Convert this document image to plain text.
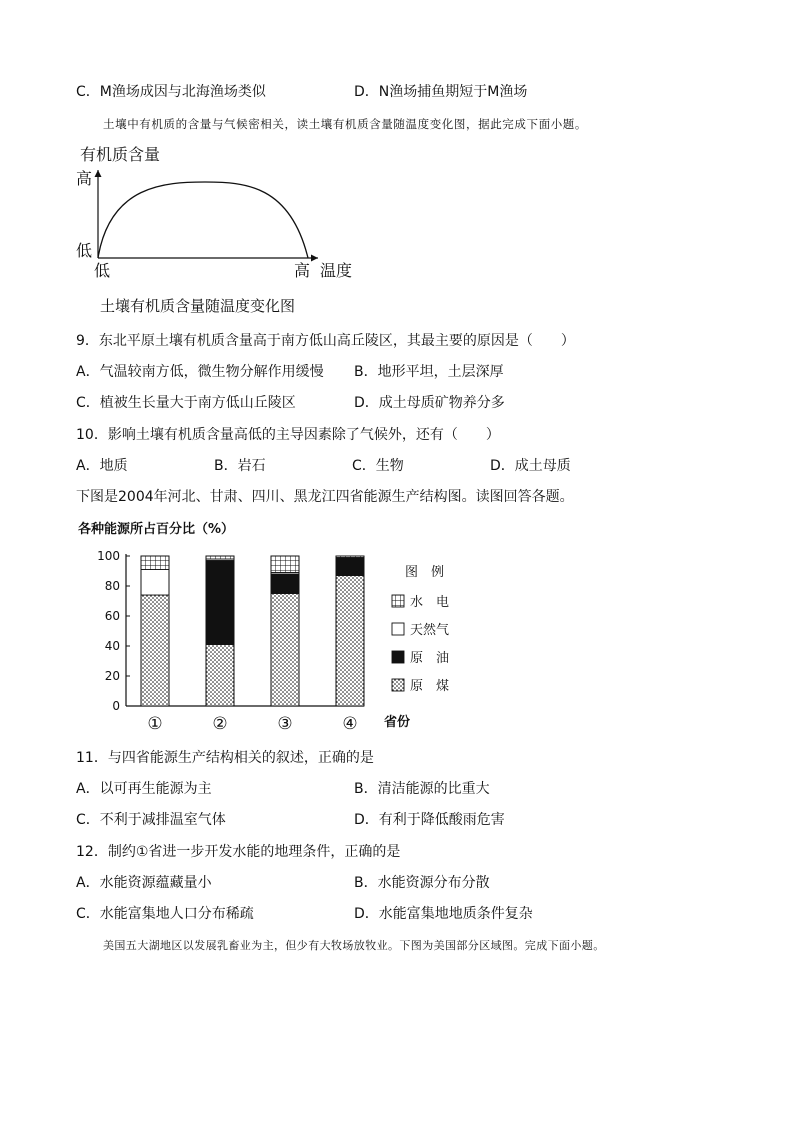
C．M渔场成因与北海渔场类似	D．N渔场捕鱼期短于M渔场
土壤中有机质的含量与气候密相关，读土壤有机质含量随温度变化图，据此完成下面小题。
有机质含量
高
低
低	高 温度
土壤有机质含量随温度变化图
9．东北平原土壤有机质含量高于南方低山高丘陵区，其最主要的原因是（　　）
A．气温较南方低，微生物分解作用缓慢 B．地形平坦，土层深厚
C．植被生长量大于南方低山丘陵区	D．成土母质矿物养分多
10．影响土壤有机质含量高低的主导因素除了气候外，还有（　　）
A．地质	B．岩石	C．生物	D．成土母质
下图是2004年河北、甘肃、四川、黑龙江四省能源生产结构图。读图回答各题。
各种能源所占百分比（%）
0
20
40
60
80
100
①	②	③	④ 省份
图　例
水　电
天然气
原　油
原　煤
11．与四省能源生产结构相关的叙述，正确的是
A．以可再生能源为主	B．清洁能源的比重大
C．不利于减排温室气体	D．有利于降低酸雨危害
12．制约①省进一步开发水能的地理条件，正确的是
A．水能资源蕴藏量小	B．水能资源分布分散
C．水能富集地人口分布稀疏	D．水能富集地地质条件复杂
美国五大湖地区以发展乳畜业为主，但少有大牧场放牧业。下图为美国部分区域图。完成下面小题。
